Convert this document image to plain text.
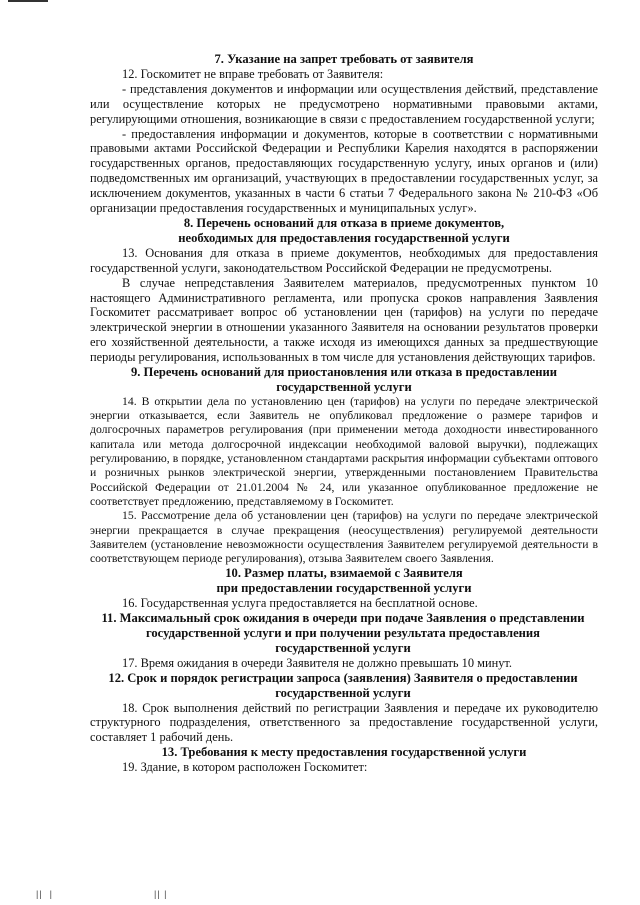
7. Указание на запрет требовать от заявителя
12. Госкомитет не вправе требовать от Заявителя:
- представления документов и информации или осуществления действий, представление или осуществление которых не предусмотрено нормативными правовыми актами, регулирующими отношения, возникающие в связи с предоставлением государственной услуги;
- предоставления информации и документов, которые в соответствии с нормативными правовыми актами Российской Федерации и Республики Карелия находятся в распоряжении государственных органов, предоставляющих государственную услугу, иных органов и (или) подведомственных им организаций, участвующих в предоставлении государственных услуг, за исключением документов, указанных в части 6 статьи 7 Федерального закона № 210-ФЗ «Об организации предоставления государственных и муниципальных услуг».
8. Перечень оснований для отказа в приеме документов,
необходимых для предоставления государственной услуги
13. Основания для отказа в приеме документов, необходимых для предоставления государственной услуги, законодательством Российской Федерации не предусмотрены.
В случае непредставления Заявителем материалов, предусмотренных пунктом 10 настоящего Административного регламента, или пропуска сроков направления Заявления Госкомитет рассматривает вопрос об установлении цен (тарифов) на услуги по передаче электрической энергии в отношении указанного Заявителя на основании результатов проверки его хозяйственной деятельности, а также исходя из имеющихся данных за предшествующие периоды регулирования, использованных в том числе для установления действующих тарифов.
9. Перечень оснований для приостановления или отказа в предоставлении
государственной услуги
14. В открытии дела по установлению цен (тарифов) на услуги по передаче электрической энергии отказывается, если Заявитель не опубликовал предложение о размере тарифов и долгосрочных параметров регулирования (при применении метода доходности инвестированного капитала или метода долгосрочной индексации необходимой валовой выручки), подлежащих регулированию, в порядке, установленном стандартами раскрытия информации субъектами оптового и розничных рынков электрической энергии, утвержденными постановлением Правительства Российской Федерации от 21.01.2004 № 24, или указанное опубликованное предложение не соответствует предложению, представляемому в Госкомитет.
15. Рассмотрение дела об установлении цен (тарифов) на услуги по передаче электрической энергии прекращается в случае прекращения (неосуществления) регулируемой деятельности Заявителем (установление невозможности осуществления Заявителем регулируемой деятельности в соответствующем периоде регулирования), отзыва Заявителем своего Заявления.
10. Размер платы, взимаемой с Заявителя
при предоставлении государственной услуги
16. Государственная услуга предоставляется на бесплатной основе.
11. Максимальный срок ожидания в очереди при подаче Заявления о представлении
государственной услуги и при получении результата предоставления
государственной услуги
17. Время ожидания в очереди Заявителя не должно превышать 10 минут.
12. Срок и порядок регистрации запроса (заявления) Заявителя о предоставлении
государственной услуги
18. Срок выполнения действий по регистрации Заявления и передаче их руководителю структурного подразделения, ответственного за предоставление государственной услуги, составляет 1 рабочий день.
13. Требования к месту предоставления государственной услуги
19. Здание, в котором расположен Госкомитет:
||  |	|| |
